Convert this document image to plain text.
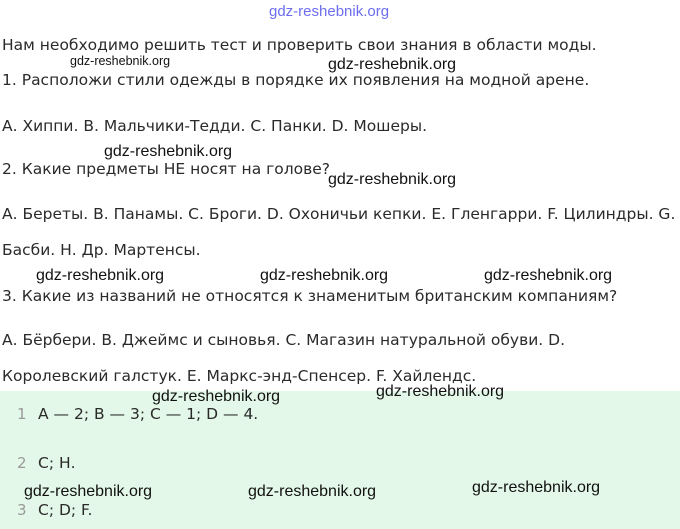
gdz-reshebnik.org
Нам необходимо решить тест и проверить свои знания в области моды.
gdz-reshebnik.org	gdz-reshebnik.org
1. Расположи стили одежды в порядке их появления на модной арене.
А. Хиппи. В. Мальчики-Тедди. С. Панки. D. Мошеры.
gdz-reshebnik.org
2. Какие предметы НЕ носят на голове?
gdz-reshebnik.org
А. Береты. В. Панамы. С. Броги. D. Охоничьи кепки. Е. Гленгарри. F. Цилиндры. G.
Басби. Н. Др. Мартенсы.
gdz-reshebnik.org	gdz-reshebnik.org	gdz-reshebnik.org
3. Какие из названий не относятся к знаменитым британским компаниям?
А. Бёрбери. В. Джеймс и сыновья. С. Магазин натуральной обуви. D.
Королевский галстук. Е. Маркс-энд-Спенсер. F. Хайлендс.
gdz-reshebnik.org
gdz-reshebnik.org
1 А — 2; В — 3; С — 1; D — 4.
2 С; Н.
gdz-reshebnik.org	gdz-reshebnik.org	gdz-reshebnik.org
3 С; D; F.
